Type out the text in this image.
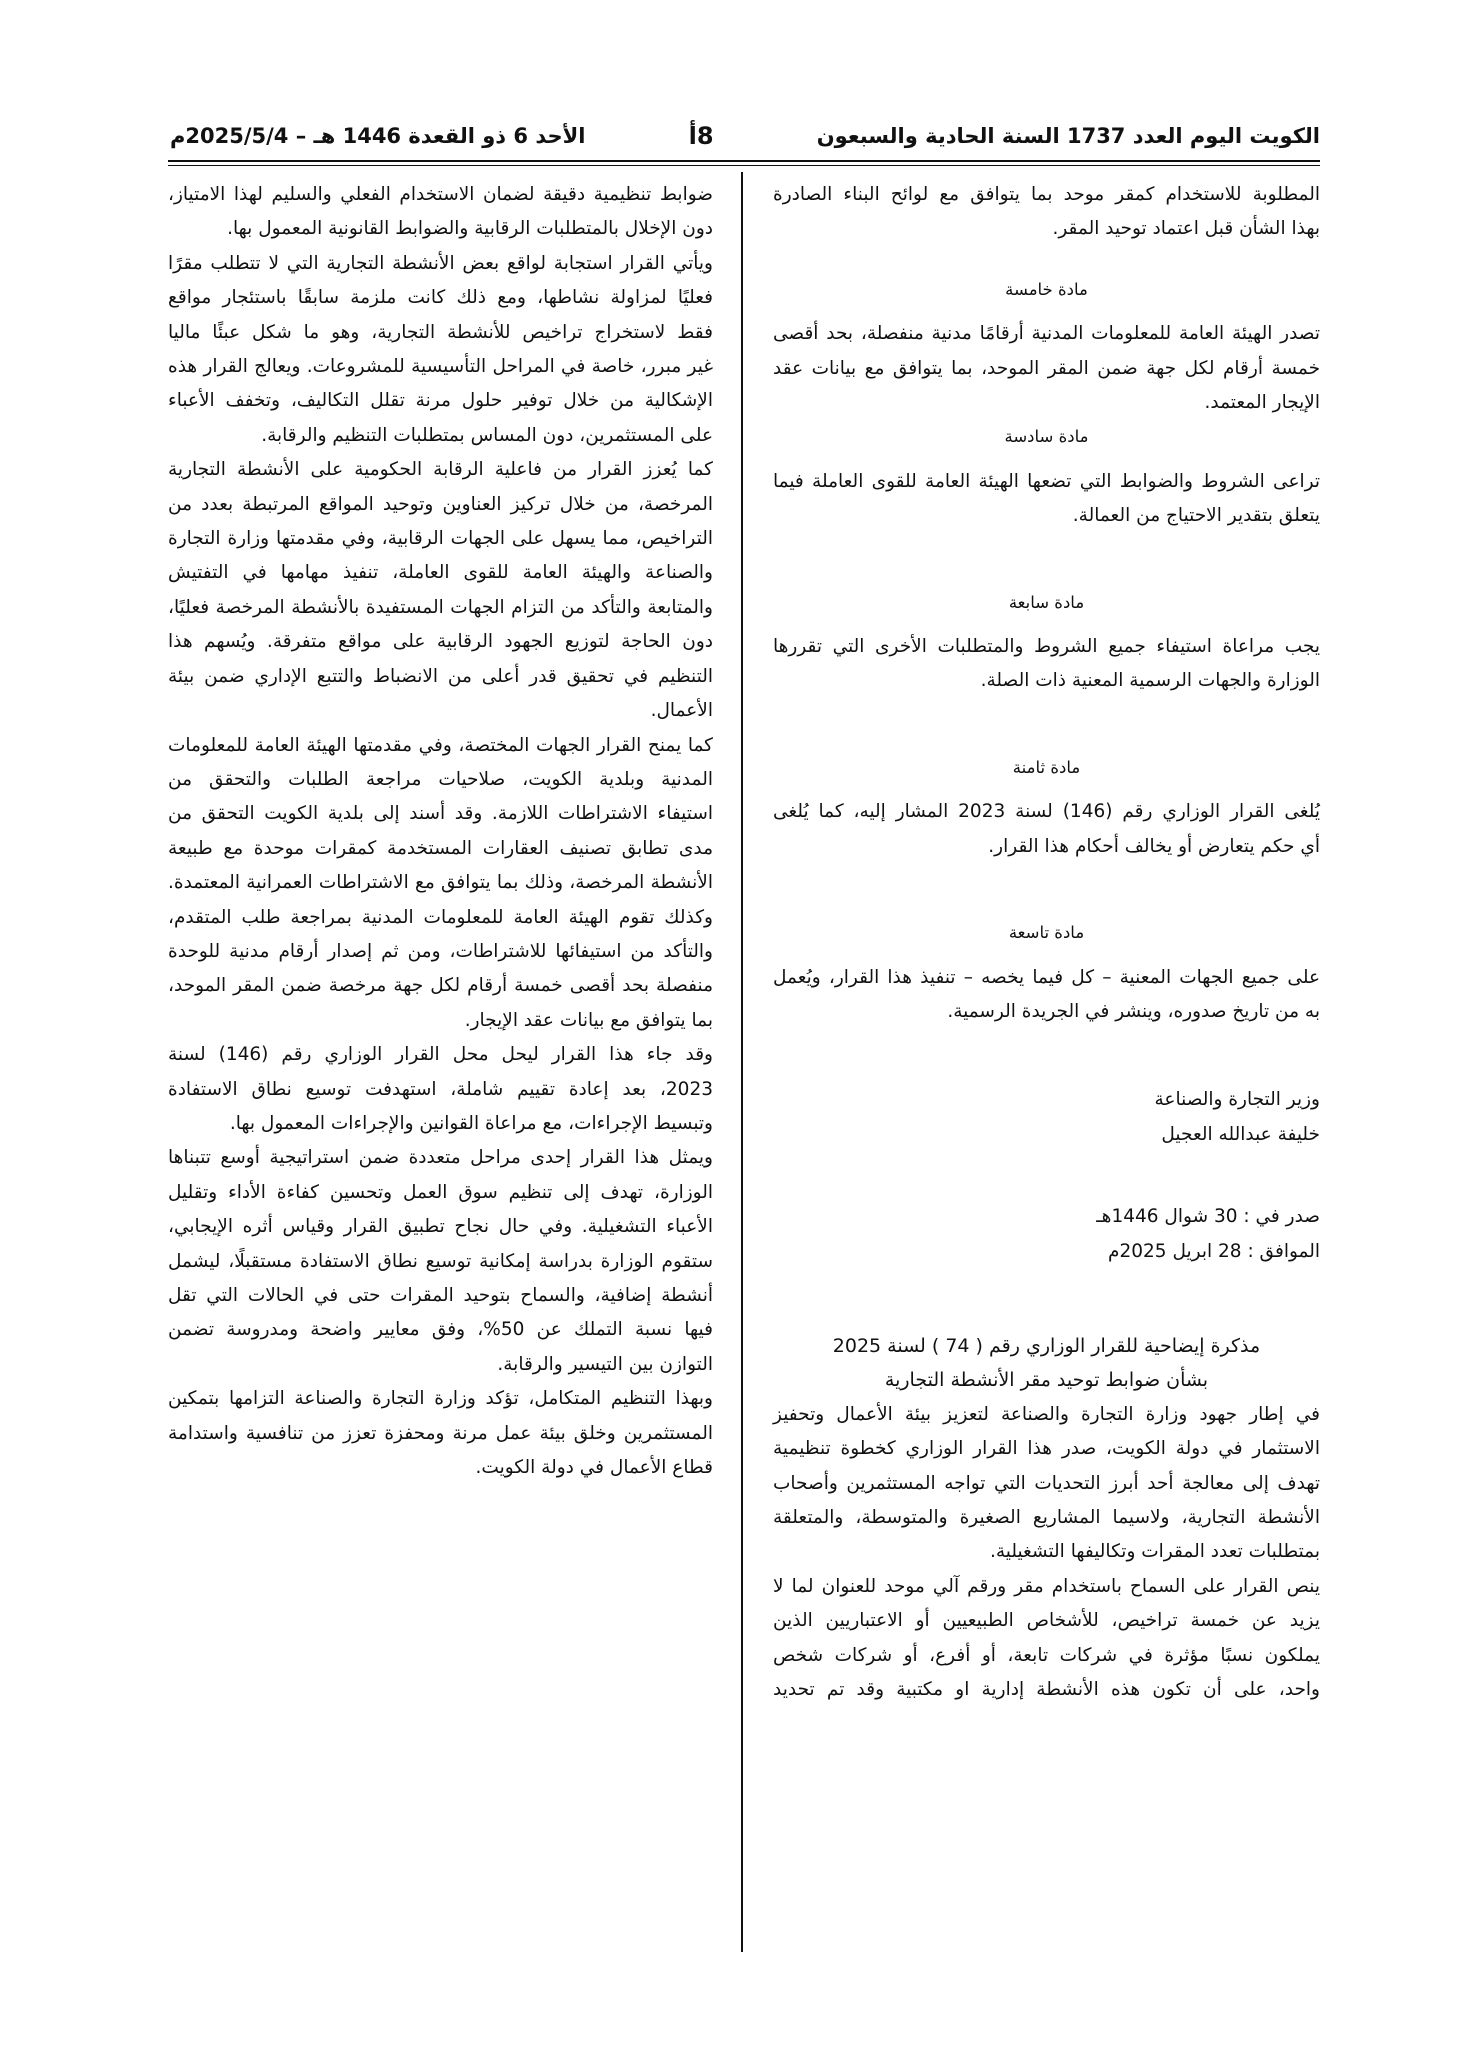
الكويت اليوم العدد 1737 السنة الحادية والسبعون
8أ
الأحد 6 ذو القعدة 1446 هـ – 2025/5/4م

المطلوبة للاستخدام كمقر موحد بما يتوافق مع لوائح البناء الصادرة
بهذا الشأن قبل اعتماد توحيد المقر.

مادة خامسة

تصدر الهيئة العامة للمعلومات المدنية أرقامًا مدنية منفصلة، بحد أقصى
خمسة أرقام لكل جهة ضمن المقر الموحد، بما يتوافق مع بيانات عقد
الإيجار المعتمد.

مادة سادسة

تراعى الشروط والضوابط التي تضعها الهيئة العامة للقوى العاملة فيما
يتعلق بتقدير الاحتياج من العمالة.

مادة سابعة

يجب مراعاة استيفاء جميع الشروط والمتطلبات الأخرى التي تقررها
الوزارة والجهات الرسمية المعنية ذات الصلة.

مادة ثامنة

يُلغى القرار الوزاري رقم (146) لسنة 2023 المشار إليه، كما يُلغى
أي حكم يتعارض أو يخالف أحكام هذا القرار.

مادة تاسعة

على جميع الجهات المعنية – كل فيما يخصه – تنفيذ هذا القرار، ويُعمل
به من تاريخ صدوره، وينشر في الجريدة الرسمية.

وزير التجارة والصناعة

خليفة عبدالله العجيل

صدر في : 30 شوال 1446هـ

الموافق : 28 ابريل 2025م

مذكرة إيضاحية للقرار الوزاري رقم ( 74 ) لسنة 2025

بشأن ضوابط توحيد مقر الأنشطة التجارية

في إطار جهود وزارة التجارة والصناعة لتعزيز بيئة الأعمال وتحفيز
الاستثمار في دولة الكويت، صدر هذا القرار الوزاري كخطوة تنظيمية
تهدف إلى معالجة أحد أبرز التحديات التي تواجه المستثمرين وأصحاب
الأنشطة التجارية، ولاسيما المشاريع الصغيرة والمتوسطة، والمتعلقة
بمتطلبات تعدد المقرات وتكاليفها التشغيلية.

ينص القرار على السماح باستخدام مقر ورقم آلي موحد للعنوان لما لا
يزيد عن خمسة تراخيص، للأشخاص الطبيعيين أو الاعتباريين الذين
يملكون نسبًا مؤثرة في شركات تابعة، أو أفرع، أو شركات شخص
واحد، على أن تكون هذه الأنشطة إدارية او مكتبية وقد تم تحديد

ضوابط تنظيمية دقيقة لضمان الاستخدام الفعلي والسليم لهذا الامتياز،
دون الإخلال بالمتطلبات الرقابية والضوابط القانونية المعمول بها.

ويأتي القرار استجابة لواقع بعض الأنشطة التجارية التي لا تتطلب مقرًا
فعليًا لمزاولة نشاطها، ومع ذلك كانت ملزمة سابقًا باستئجار مواقع
فقط لاستخراج تراخيص للأنشطة التجارية، وهو ما شكل عبئًا ماليا
غير مبرر، خاصة في المراحل التأسيسية للمشروعات. ويعالج القرار هذه
الإشكالية من خلال توفير حلول مرنة تقلل التكاليف، وتخفف الأعباء
على المستثمرين، دون المساس بمتطلبات التنظيم والرقابة.

كما يُعزز القرار من فاعلية الرقابة الحكومية على الأنشطة التجارية
المرخصة، من خلال تركيز العناوين وتوحيد المواقع المرتبطة بعدد من
التراخيص، مما يسهل على الجهات الرقابية، وفي مقدمتها وزارة التجارة
والصناعة والهيئة العامة للقوى العاملة، تنفيذ مهامها في التفتيش
والمتابعة والتأكد من التزام الجهات المستفيدة بالأنشطة المرخصة فعليًا،
دون الحاجة لتوزيع الجهود الرقابية على مواقع متفرقة. ويُسهم هذا
التنظيم في تحقيق قدر أعلى من الانضباط والتتبع الإداري ضمن بيئة
الأعمال.

كما يمنح القرار الجهات المختصة، وفي مقدمتها الهيئة العامة للمعلومات
المدنية وبلدية الكويت، صلاحيات مراجعة الطلبات والتحقق من
استيفاء الاشتراطات اللازمة. وقد أسند إلى بلدية الكويت التحقق من
مدى تطابق تصنيف العقارات المستخدمة كمقرات موحدة مع طبيعة
الأنشطة المرخصة، وذلك بما يتوافق مع الاشتراطات العمرانية المعتمدة.
وكذلك تقوم الهيئة العامة للمعلومات المدنية بمراجعة طلب المتقدم،
والتأكد من استيفائها للاشتراطات، ومن ثم إصدار أرقام مدنية للوحدة
منفصلة بحد أقصى خمسة أرقام لكل جهة مرخصة ضمن المقر الموحد،
بما يتوافق مع بيانات عقد الإيجار.

وقد جاء هذا القرار ليحل محل القرار الوزاري رقم (146) لسنة
2023، بعد إعادة تقييم شاملة، استهدفت توسيع نطاق الاستفادة
وتبسيط الإجراءات، مع مراعاة القوانين والإجراءات المعمول بها.

ويمثل هذا القرار إحدى مراحل متعددة ضمن استراتيجية أوسع تتبناها
الوزارة، تهدف إلى تنظيم سوق العمل وتحسين كفاءة الأداء وتقليل
الأعباء التشغيلية. وفي حال نجاح تطبيق القرار وقياس أثره الإيجابي،
ستقوم الوزارة بدراسة إمكانية توسيع نطاق الاستفادة مستقبلًا، ليشمل
أنشطة إضافية، والسماح بتوحيد المقرات حتى في الحالات التي تقل
فيها نسبة التملك عن 50%، وفق معايير واضحة ومدروسة تضمن
التوازن بين التيسير والرقابة.

وبهذا التنظيم المتكامل، تؤكد وزارة التجارة والصناعة التزامها بتمكين
المستثمرين وخلق بيئة عمل مرنة ومحفزة تعزز من تنافسية واستدامة
قطاع الأعمال في دولة الكويت.
